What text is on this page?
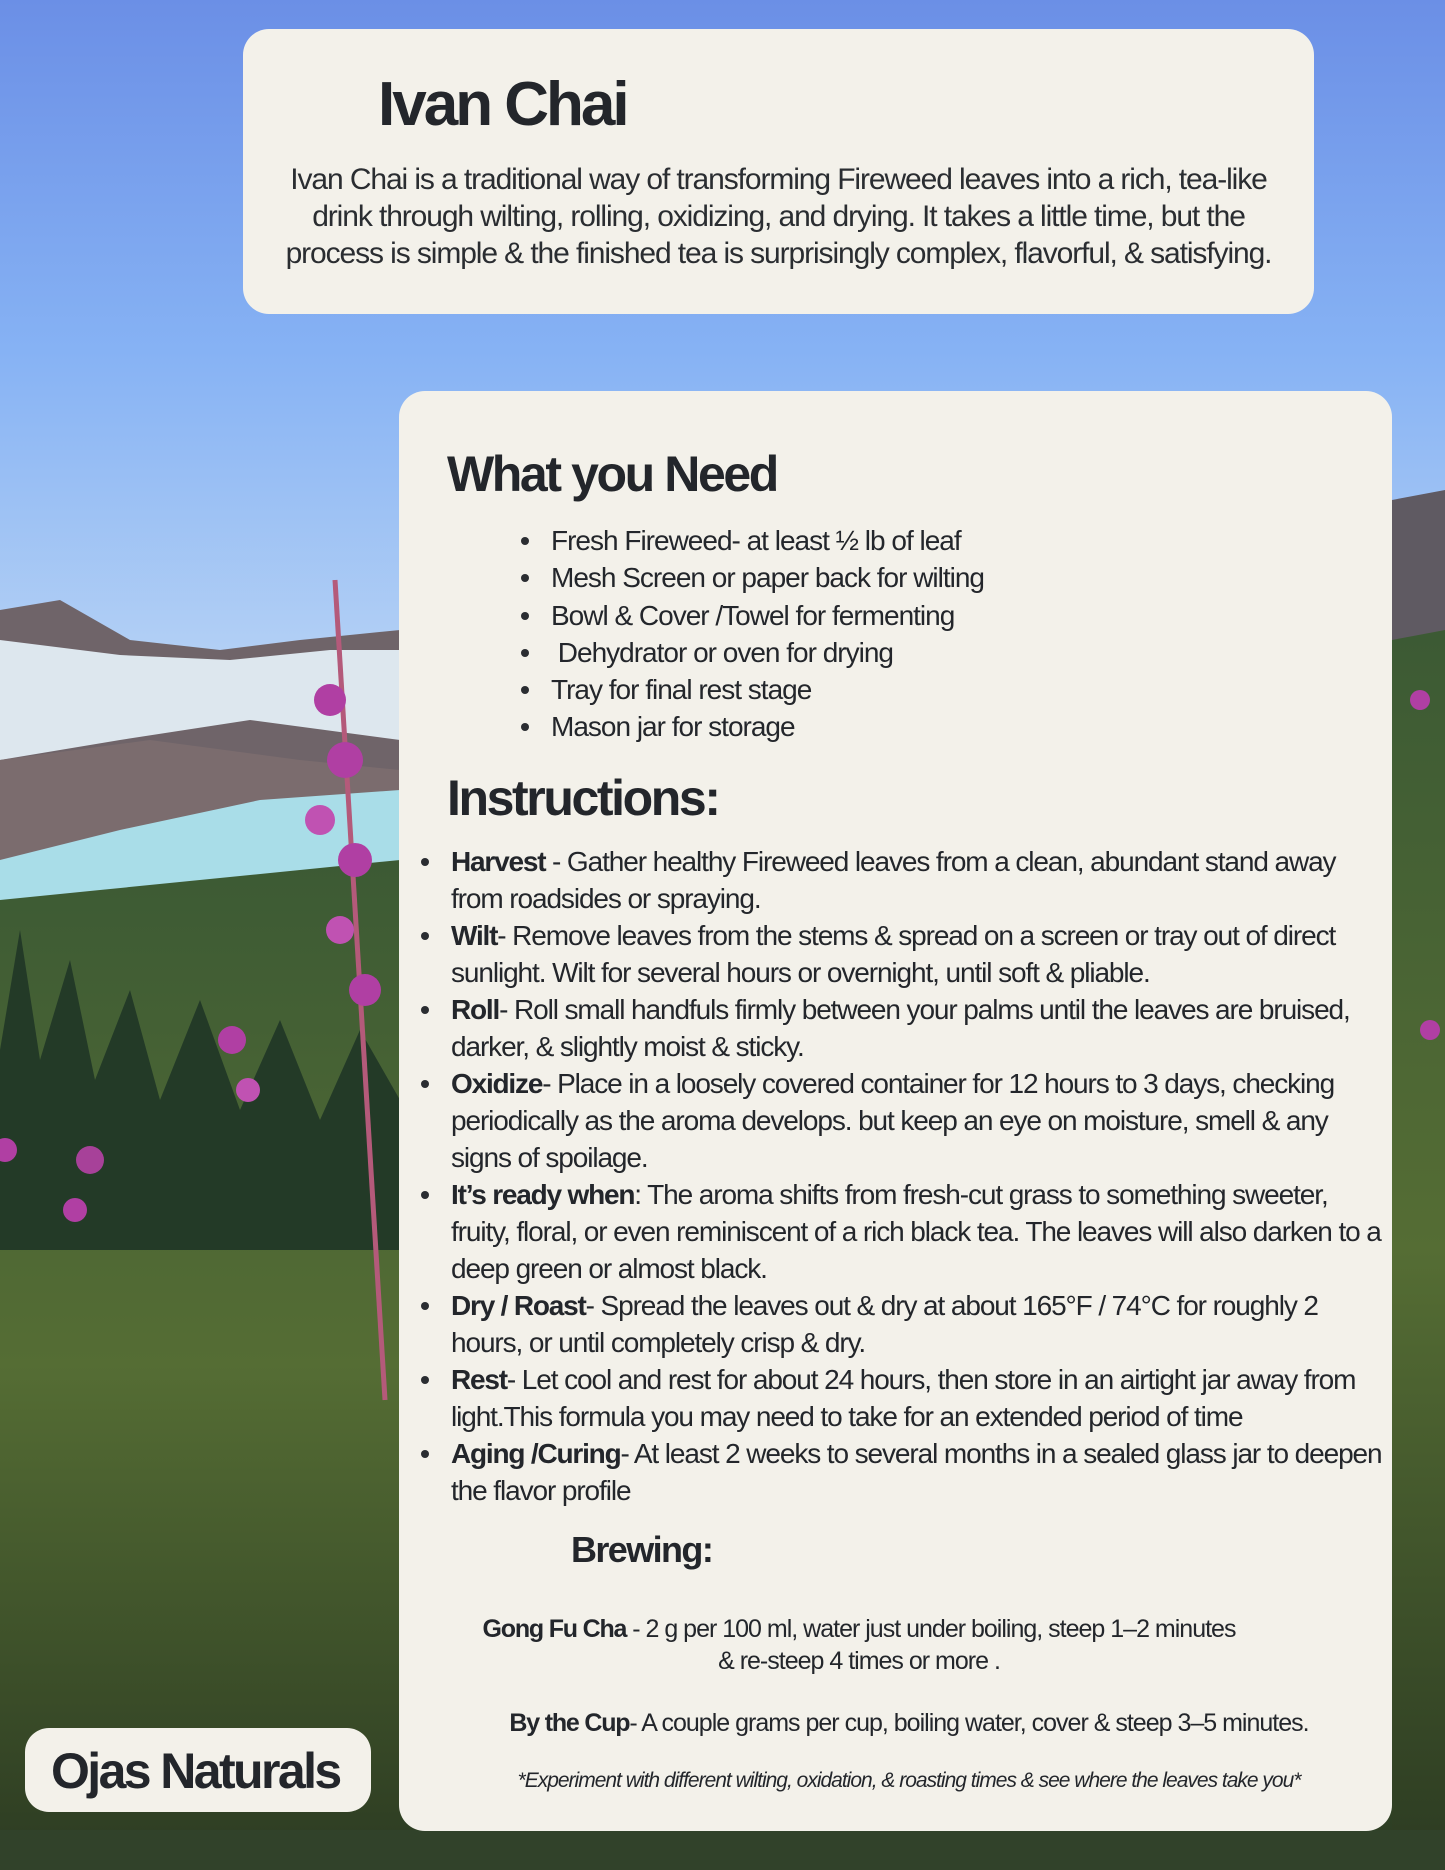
Ivan Chai

Ivan Chai is a traditional way of transforming Fireweed leaves into a rich, tea-like drink through wilting, rolling, oxidizing, and drying. It takes a little time, but the process is simple & the finished tea is surprisingly complex, flavorful, & satisfying.

What you Need
Fresh Fireweed- at least ½ lb of leaf
Mesh Screen or paper back for wilting
Bowl & Cover /Towel for fermenting
Dehydrator or oven for drying
Tray for final rest stage
Mason jar for storage
Instructions:
Harvest - Gather healthy Fireweed leaves from a clean, abundant stand away from roadsides or spraying.
Wilt- Remove leaves from the stems & spread on a screen or tray out of direct sunlight. Wilt for several hours or overnight, until soft & pliable.
Roll- Roll small handfuls firmly between your palms until the leaves are bruised, darker, & slightly moist & sticky.
Oxidize- Place in a loosely covered container for 12 hours to 3 days, checking periodically as the aroma develops. but keep an eye on moisture, smell & any signs of spoilage.
It’s ready when: The aroma shifts from fresh-cut grass to something sweeter, fruity, floral, or even reminiscent of a rich black tea. The leaves will also darken to a deep green or almost black.
Dry / Roast- Spread the leaves out & dry at about 165°F / 74°C for roughly 2 hours, or until completely crisp & dry.
Rest- Let cool and rest for about 24 hours, then store in an airtight jar away from light.This formula you may need to take for an extended period of time
Aging /Curing- At least 2 weeks to several months in a sealed glass jar to deepen the flavor profile
Brewing:

Gong Fu Cha - 2 g per 100 ml, water just under boiling, steep 1–2 minutes & re-steep 4 times or more .

By the Cup- A couple grams per cup, boiling water, cover & steep 3–5 minutes.

*Experiment with different wilting, oxidation, & roasting times & see where the leaves take you*

Ojas Naturals
